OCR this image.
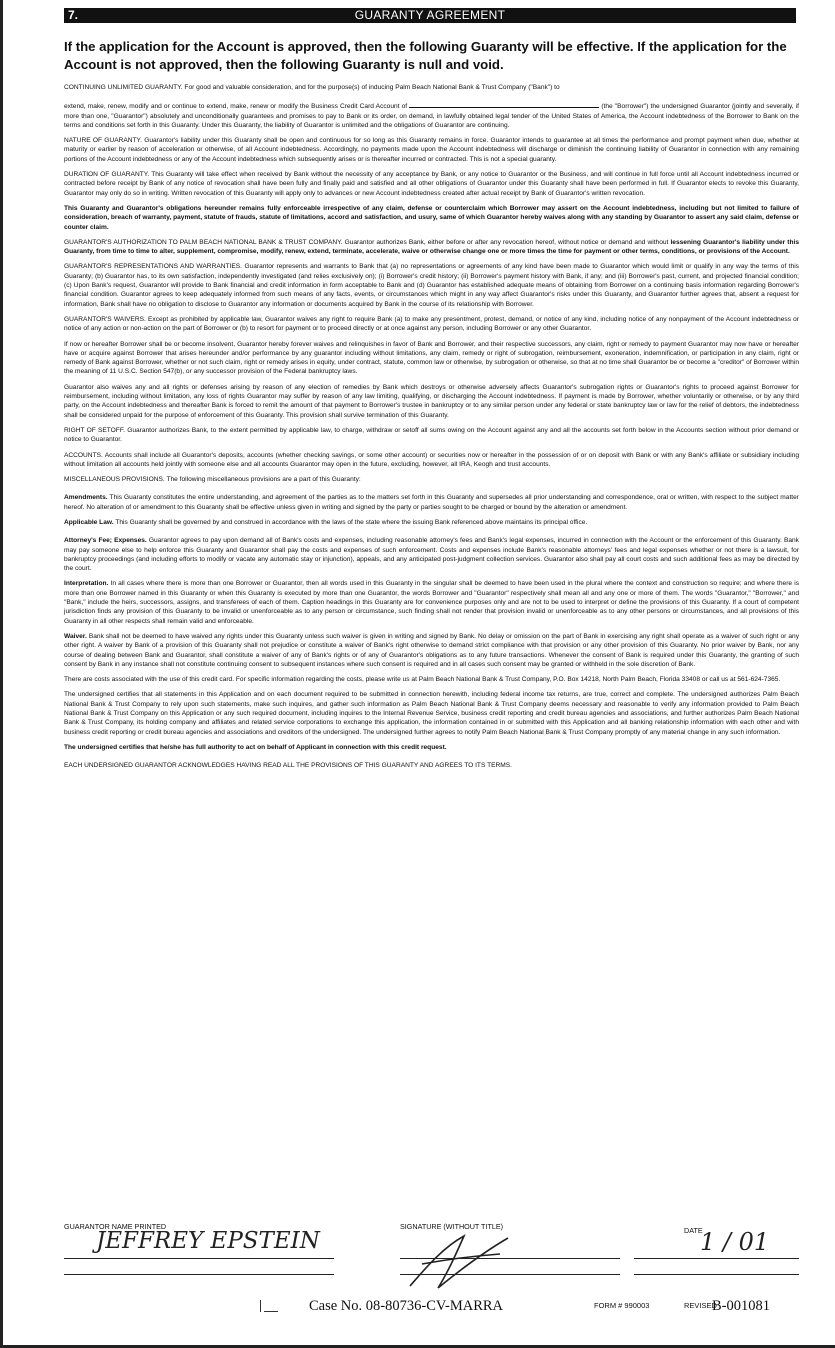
7.	GUARANTY AGREEMENT
If the application for the Account is approved, then the following Guaranty will be effective. If the application for the Account is not approved, then the following Guaranty is null and void.

CONTINUING UNLIMITED GUARANTY. For good and valuable consideration, and for the purpose(s) of inducing Palm Beach National Bank & Trust Company ("Bank") to

extend, make, renew, modify and or continue to extend, make, renew or modify the Business Credit Card Account of	(the "Borrower") the undersigned Guarantor (jointly and severally, if more than one, "Guarantor") absolutely and unconditionally guarantees and promises to pay to Bank or its order, on demand, in lawfully obtained legal tender of the United States of America, the Account indebtedness of the Borrower to Bank on the terms and conditions set forth in this Guaranty. Under this Guaranty, the liability of Guarantor is unlimited and the obligations of Guarantor are continuing.

NATURE OF GUARANTY. Guarantor's liability under this Guaranty shall be open and continuous for so long as this Guaranty remains in force. Guarantor intends to guarantee at all times the performance and prompt payment when due, whether at maturity or earlier by reason of acceleration or otherwise, of all Account indebtedness. Accordingly, no payments made upon the Account indebtedness will discharge or diminish the continuing liability of Guarantor in connection with any remaining portions of the Account indebtedness or any of the Account indebtedness which subsequently arises or is thereafter incurred or contracted. This is not a special guaranty.

DURATION OF GUARANTY. This Guaranty will take effect when received by Bank without the necessity of any acceptance by Bank, or any notice to Guarantor or the Business, and will continue in full force until all Account indebtedness incurred or contracted before receipt by Bank of any notice of revocation shall have been fully and finally paid and satisfied and all other obligations of Guarantor under this Guaranty shall have been performed in full. If Guarantor elects to revoke this Guaranty, Guarantor may only do so in writing. Written revocation of this Guaranty will apply only to advances or new Account indebtedness created after actual receipt by Bank of Guarantor's written revocation.

This Guaranty and Guarantor's obligations hereunder remains fully enforceable irrespective of any claim, defense or counterclaim which Borrower may assert on the Account indebtedness, including but not limited to failure of consideration, breach of warranty, payment, statute of frauds, statute of limitations, accord and satisfaction, and usury, same of which Guarantor hereby waives along with any standing by Guarantor to assert any said claim, defense or counter claim.

GUARANTOR'S AUTHORIZATION TO PALM BEACH NATIONAL BANK & TRUST COMPANY. Guarantor authorizes Bank, either before or after any revocation hereof, without notice or demand and without lessening Guarantor's liability under this Guaranty, from time to time to alter, supplement, compromise, modify, renew, extend, terminate, accelerate, waive or otherwise change one or more times the time for payment or other terms, conditions, or provisions of the Account.

GUARANTOR'S REPRESENTATIONS AND WARRANTIES. Guarantor represents and warrants to Bank that (a) no representations or agreements of any kind have been made to Guarantor which would limit or qualify in any way the terms of this Guaranty; (b) Guarantor has, to its own satisfaction, independently investigated (and relies exclusively on); (i) Borrower's credit history; (ii) Borrower's payment history with Bank, if any; and (iii) Borrower's past, current, and projected financial condition; (c) Upon Bank's request, Guarantor will provide to Bank financial and credit information in form acceptable to Bank and (d) Guarantor has established adequate means of obtaining from Borrower on a continuing basis information regarding Borrower's financial condition. Guarantor agrees to keep adequately informed from such means of any facts, events, or circumstances which might in any way affect Guarantor's risks under this Guaranty, and Guarantor further agrees that, absent a request for information, Bank shall have no obligation to disclose to Guarantor any information or documents acquired by Bank in the course of its relationship with Borrower.

GUARANTOR'S WAIVERS. Except as prohibited by applicable law, Guarantor waives any right to require Bank (a) to make any presentment, protest, demand, or notice of any kind, including notice of any nonpayment of the Account indebtedness or notice of any action or non-action on the part of Borrower or (b) to resort for payment or to proceed directly or at once against any person, including Borrower or any other Guarantor.

If now or hereafter Borrower shall be or become insolvent, Guarantor hereby forever waives and relinquishes in favor of Bank and Borrower, and their respective successors, any claim, right or remedy to payment Guarantor may now have or hereafter have or acquire against Borrower that arises hereunder and/or performance by any guarantor including without limitations, any claim, remedy or right of subrogation, reimbursement, exoneration, indemnification, or participation in any claim, right or remedy of Bank against Borrower, whether or not such claim, right or remedy arises in equity, under contract, statute, common law or otherwise, by subrogation or otherwise, so that at no time shall Guarantor be or become a "creditor" of Borrower within the meaning of 11 U.S.C. Section 547(b), or any successor provision of the Federal bankruptcy laws.

Guarantor also waives any and all rights or defenses arising by reason of any election of remedies by Bank which destroys or otherwise adversely affects Guarantor's subrogation rights or Guarantor's rights to proceed against Borrower for reimbursement, including without limitation, any loss of rights Guarantor may suffer by reason of any law limiting, qualifying, or discharging the Account indebtedness. If payment is made by Borrower, whether voluntarily or otherwise, or by any third party, on the Account indebtedness and thereafter Bank is forced to remit the amount of that payment to Borrower's trustee in bankruptcy or to any similar person under any federal or state bankruptcy law or law for the relief of debtors, the indebtedness shall be considered unpaid for the purpose of enforcement of this Guaranty. This provision shall survive termination of this Guaranty.

RIGHT OF SETOFF. Guarantor authorizes Bank, to the extent permitted by applicable law, to charge, withdraw or setoff all sums owing on the Account against any and all the accounts set forth below in the Accounts section without prior demand or notice to Guarantor.

ACCOUNTS. Accounts shall include all Guarantor's deposits, accounts (whether checking savings, or some other account) or securities now or hereafter in the possession of or on deposit with Bank or with any Bank's affiliate or subsidiary including without limitation all accounts held jointly with someone else and all accounts Guarantor may open in the future, excluding, however, all IRA, Keogh and trust accounts.

MISCELLANEOUS PROVISIONS. The following miscellaneous provisions are a part of this Guaranty:

Amendments. This Guaranty constitutes the entire understanding, and agreement of the parties as to the matters set forth in this Guaranty and supersedes all prior understanding and correspondence, oral or written, with respect to the subject matter hereof. No alteration of or amendment to this Guaranty shall be effective unless given in writing and signed by the party or parties sought to be charged or bound by the alteration or amendment.

Applicable Law. This Guaranty shall be governed by and construed in accordance with the laws of the state where the issuing Bank referenced above maintains its principal office.

Attorney's Fee; Expenses. Guarantor agrees to pay upon demand all of Bank's costs and expenses, including reasonable attorney's fees and Bank's legal expenses, incurred in connection with the Account or the enforcement of this Guaranty. Bank may pay someone else to help enforce this Guaranty and Guarantor shall pay the costs and expenses of such enforcement. Costs and expenses include Bank's reasonable attorneys' fees and legal expenses whether or not there is a lawsuit, for bankruptcy proceedings (and including efforts to modify or vacate any automatic stay or injunction), appeals, and any anticipated post-judgment collection services. Guarantor also shall pay all court costs and such additional fees as may be directed by the court.

Interpretation. In all cases where there is more than one Borrower or Guarantor, then all words used in this Guaranty in the singular shall be deemed to have been used in the plural where the context and construction so require; and where there is more than one Borrower named in this Guaranty or when this Guaranty is executed by more than one Guarantor, the words Borrower and "Guarantor" respectively shall mean all and any one or more of them. The words "Guarantor," "Borrower," and "Bank," include the heirs, successors, assigns, and transferees of each of them. Caption headings in this Guaranty are for convenience purposes only and are not to be used to interpret or define the provisions of this Guaranty. If a court of competent jurisdiction finds any provision of this Guaranty to be invalid or unenforceable as to any person or circumstance, such finding shall not render that provision invalid or unenforceable as to any other persons or circumstances, and all provisions of this Guaranty in all other respects shall remain valid and enforceable.

Waiver. Bank shall not be deemed to have waived any rights under this Guaranty unless such waiver is given in writing and signed by Bank. No delay or omission on the part of Bank in exercising any right shall operate as a waiver of such right or any other right. A waiver by Bank of a provision of this Guaranty shall not prejudice or constitute a waiver of Bank's right otherwise to demand strict compliance with that provision or any other provision of this Guaranty. No prior waiver by Bank, nor any course of dealing between Bank and Guarantor, shall constitute a waiver of any of Bank's rights or of any of Guarantor's obligations as to any future transactions. Whenever the consent of Bank is required under this Guaranty, the granting of such consent by Bank in any instance shall not constitute continuing consent to subsequent instances where such consent is required and in all cases such consent may be granted or withheld in the sole discretion of Bank.

There are costs associated with the use of this credit card. For specific information regarding the costs, please write us at Palm Beach National Bank & Trust Company, P.O. Box 14218, North Palm Beach, Florida 33408 or call us at 561-624-7365.

The undersigned certifies that all statements in this Application and on each document required to be submitted in connection herewith, including federal income tax returns, are true, correct and complete. The undersigned authorizes Palm Beach National Bank & Trust Company to rely upon such statements, make such inquires, and gather such information as Palm Beach National Bank & Trust Company deems necessary and reasonable to verify any information provided to Palm Beach National Bank & Trust Company on this Application or any such required document, including inquires to the Internal Revenue Service, business credit reporting and credit bureau agencies and associations, and further authorizes Palm Beach National Bank & Trust Company, its holding company and affiliates and related service corporations to exchange this application, the information contained in or submitted with this Application and all banking relationship information with each other and with business credit reporting or credit bureau agencies and associations and creditors of the undersigned. The undersigned further agrees to notify Palm Beach National Bank & Trust Company promptly of any material change in any such information.

The undersigned certifies that he/she has full authority to act on behalf of Applicant in connection with this credit request.

EACH UNDERSIGNED GUARANTOR ACKNOWLEDGES HAVING READ ALL THE PROVISIONS OF THIS GUARANTY AND AGREES TO ITS TERMS.

GUARANTOR NAME PRINTED
JEFFREY EPSTEIN
SIGNATURE (WITHOUT TITLE)	DATE
1 / 01
Case No. 08-80736-CV-MARRA	FORM # 990003	REVISED
B-001081
